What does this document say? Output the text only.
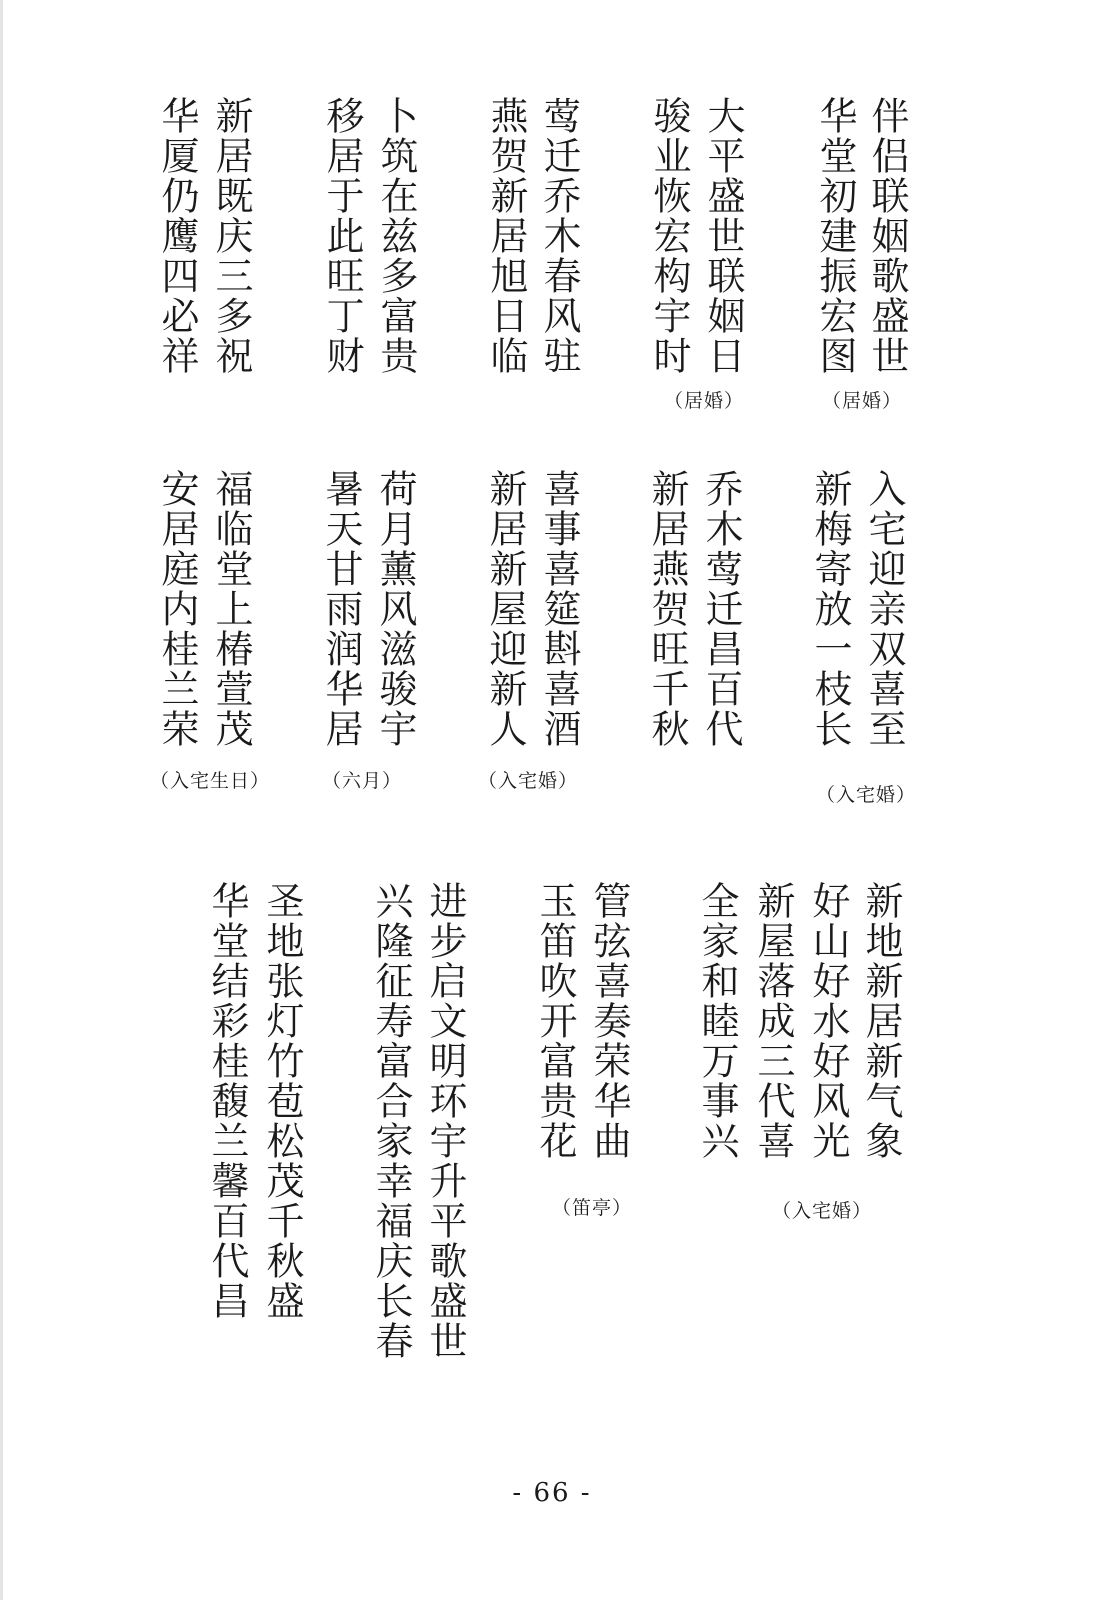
伴侣联姻歌盛世
华堂初建振宏图
（居婚）
大平盛世联姻日
骏业恢宏构宇时
（居婚）
莺迁乔木春风驻
燕贺新居旭日临
卜筑在兹多富贵
移居于此旺丁财
新居既庆三多祝
华厦仍鹰四必祥
入宅迎亲双喜至
新梅寄放一枝长
（入宅婚）
乔木莺迁昌百代
新居燕贺旺千秋
喜事喜筵斟喜酒
新居新屋迎新人
（入宅婚）
荷月薰风滋骏宇
暑天甘雨润华居
（六月）
福临堂上椿萱茂
安居庭内桂兰荣
（入宅生日）
新地新居新气象
好山好水好风光
新屋落成三代喜
全家和睦万事兴
（入宅婚）
管弦喜奏荣华曲
玉笛吹开富贵花
（笛亭）
进步启文明环宇升平歌盛世
兴隆征寿富合家幸福庆长春
圣地张灯竹苞松茂千秋盛
华堂结彩桂馥兰馨百代昌
- 66 -
